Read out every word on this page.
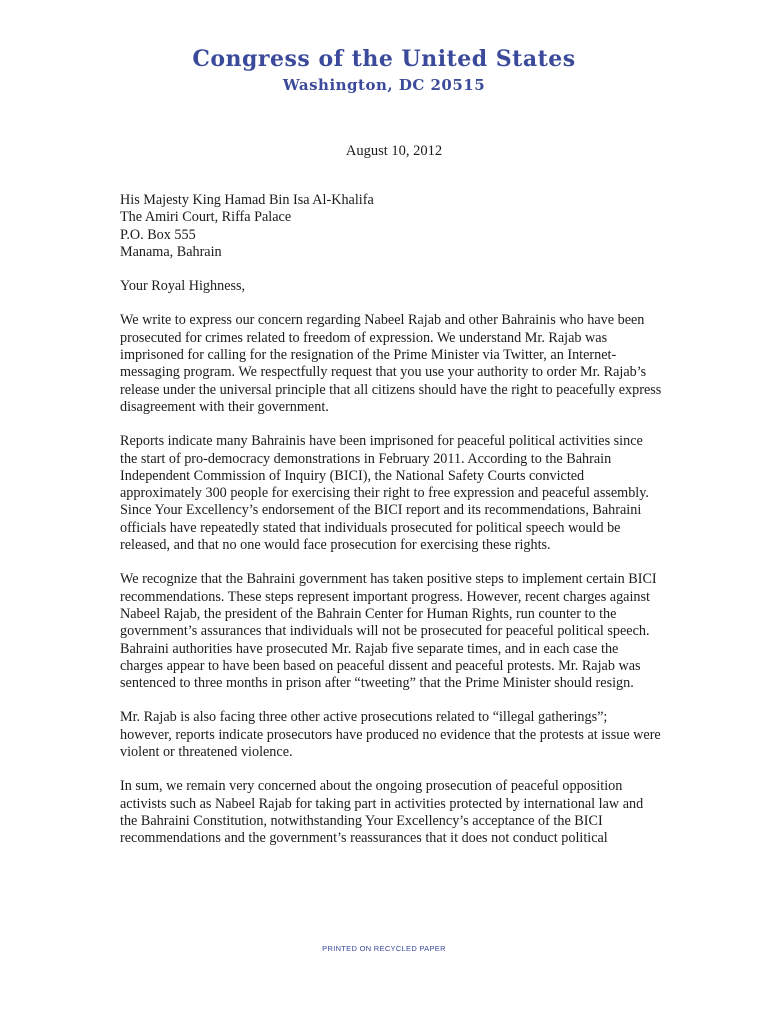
Congress of the United States
Washington, DC 20515
August 10, 2012

His Majesty King Hamad Bin Isa Al-Khalifa

The Amiri Court, Riffa Palace

P.O. Box 555

Manama, Bahrain

Your Royal Highness,

We write to express our concern regarding Nabeel Rajab and other Bahrainis who have been prosecuted for crimes related to freedom of expression. We understand Mr. Rajab was imprisoned for calling for the resignation of the Prime Minister via Twitter, an Internet-messaging program. We respectfully request that you use your authority to order Mr. Rajab’s release under the universal principle that all citizens should have the right to peacefully express disagreement with their government.

Reports indicate many Bahrainis have been imprisoned for peaceful political activities since the start of pro-democracy demonstrations in February 2011. According to the Bahrain Independent Commission of Inquiry (BICI), the National Safety Courts convicted approximately 300 people for exercising their right to free expression and peaceful assembly. Since Your Excellency’s endorsement of the BICI report and its recommendations, Bahraini officials have repeatedly stated that individuals prosecuted for political speech would be released, and that no one would face prosecution for exercising these rights.

We recognize that the Bahraini government has taken positive steps to implement certain BICI recommendations. These steps represent important progress. However, recent charges against Nabeel Rajab, the president of the Bahrain Center for Human Rights, run counter to the government’s assurances that individuals will not be prosecuted for peaceful political speech. Bahraini authorities have prosecuted Mr. Rajab five separate times, and in each case the charges appear to have been based on peaceful dissent and peaceful protests. Mr. Rajab was sentenced to three months in prison after “tweeting” that the Prime Minister should resign.

Mr. Rajab is also facing three other active prosecutions related to “illegal gatherings”; however, reports indicate prosecutors have produced no evidence that the protests at issue were violent or threatened violence.

In sum, we remain very concerned about the ongoing prosecution of peaceful opposition activists such as Nabeel Rajab for taking part in activities protected by international law and the Bahraini Constitution, notwithstanding Your Excellency’s acceptance of the BICI recommendations and the government’s reassurances that it does not conduct political

PRINTED ON RECYCLED PAPER
